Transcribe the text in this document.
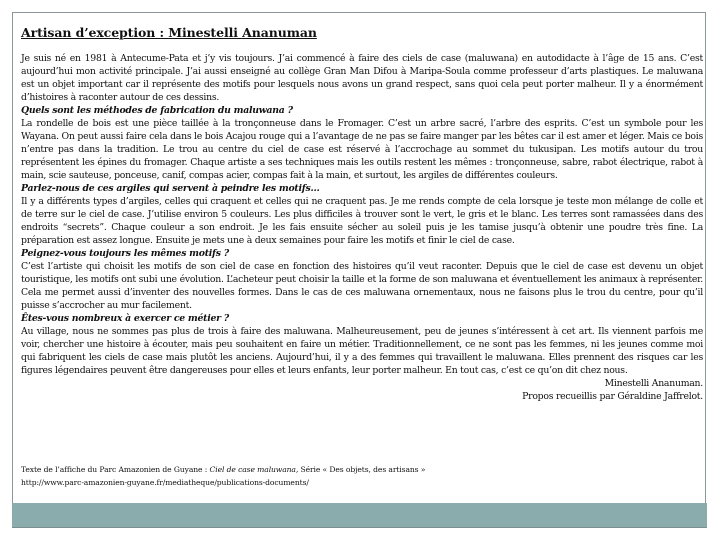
Artisan d’exception : Minestelli Ananuman

Je suis né en 1981 à Antecume-Pata et j’y vis toujours. J’ai commencé à faire des ciels de case (maluwana) en autodidacte à l’âge de 15 ans. C’est aujourd’hui mon activité principale. J’ai aussi enseigné au collège Gran Man Difou à Maripa-Soula comme professeur d’arts plastiques. Le maluwana est un objet important car il représente des motifs pour lesquels nous avons un grand respect, sans quoi cela peut porter malheur. Il y a énormément d’histoires à raconter autour de ces dessins.

Quels sont les méthodes de fabrication du maluwana ?

La rondelle de bois est une pièce taillée à la tronçonneuse dans le Fromager. C’est un arbre sacré, l’arbre des esprits. C’est un symbole pour les Wayana. On peut aussi faire cela dans le bois Acajou rouge qui a l’avantage de ne pas se faire manger par les bêtes car il est amer et léger. Mais ce bois n’entre pas dans la tradition. Le trou au centre du ciel de case est réservé à l’accrochage au sommet du tukusipan. Les motifs autour du trou représentent les épines du fromager. Chaque artiste a ses techniques mais les outils restent les mêmes : tronçonneuse, sabre, rabot électrique, rabot à main, scie sauteuse, ponceuse, canif, compas acier, compas fait à la main, et surtout, les argiles de différentes couleurs.

Parlez-nous de ces argiles qui servent à peindre les motifs…

Il y a différents types d’argiles, celles qui craquent et celles qui ne craquent pas. Je me rends compte de cela lorsque je teste mon mélange de colle et de terre sur le ciel de case. J’utilise environ 5 couleurs. Les plus difficiles à trouver sont le vert, le gris et le blanc. Les terres sont ramassées dans des endroits “secrets”. Chaque couleur a son endroit. Je les fais ensuite sécher au soleil puis je les tamise jusqu’à obtenir une poudre très fine. La préparation est assez longue. Ensuite je mets une à deux semaines pour faire les motifs et finir le ciel de case.

Peignez-vous toujours les mêmes motifs ?

C’est l’artiste qui choisit les motifs de son ciel de case en fonction des histoires qu’il veut raconter. Depuis que le ciel de case est devenu un objet touristique, les motifs ont subi une évolution. L’acheteur peut choisir la taille et la forme de son maluwana et éventuellement les animaux à représenter. Cela me permet aussi d’inventer des nouvelles formes. Dans le cas de ces maluwana ornementaux, nous ne faisons plus le trou du centre, pour qu’il puisse s’accrocher au mur facilement.

Êtes-vous nombreux à exercer ce métier ?

Au village, nous ne sommes pas plus de trois à faire des maluwana. Malheureusement, peu de jeunes s’intéressent à cet art. Ils viennent parfois me voir, chercher une histoire à écouter, mais peu souhaitent en faire un métier. Traditionnellement, ce ne sont pas les femmes, ni les jeunes comme moi qui fabriquent les ciels de case mais plutôt les anciens. Aujourd’hui, il y a des femmes qui travaillent le maluwana. Elles prennent des risques car les figures légendaires peuvent être dangereuses pour elles et leurs enfants, leur porter malheur. En tout cas, c’est ce qu’on dit chez nous.

Minestelli Ananuman.

Propos recueillis par Géraldine Jaffrelot.

Texte de l’affiche du Parc Amazonien de Guyane : Ciel de case maluwana, Série « Des objets, des artisans »
http://www.parc-amazonien-guyane.fr/mediatheque/publications-documents/
